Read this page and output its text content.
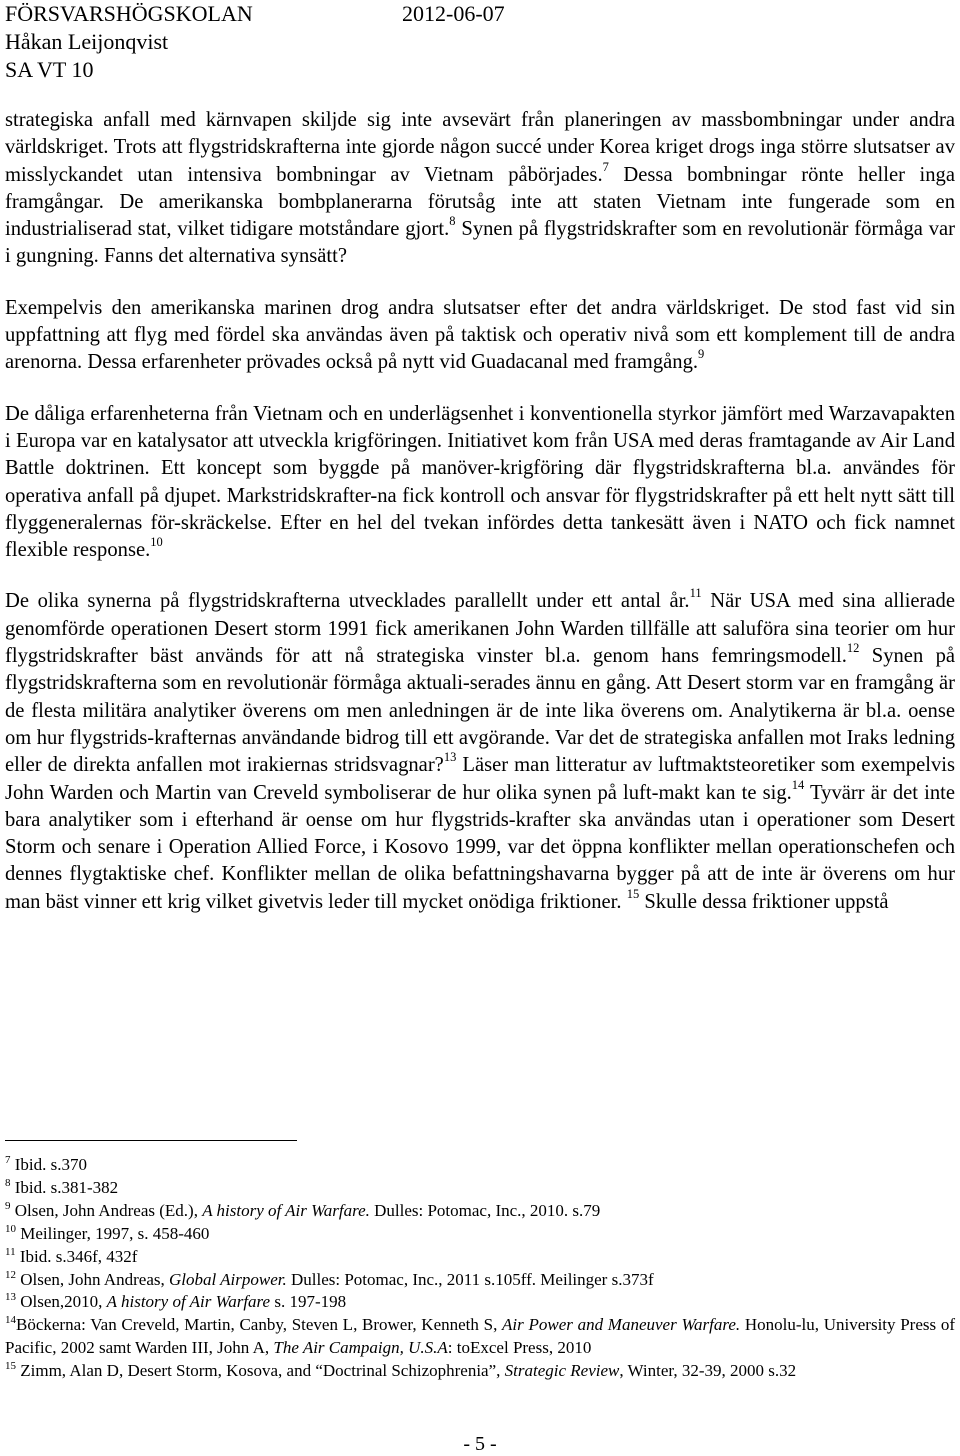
FÖRSVARSHÖGSKOLAN	2012-06-07
Håkan Leijonqvist
SA VT 10

strategiska anfall med kärnvapen skiljde sig inte avsevärt från planeringen av massbombningar under andra världskriget. Trots att flygstridskrafterna inte gjorde någon succé under Korea kriget drogs inga större slutsatser av misslyckandet utan intensiva bombningar av Vietnam påbörjades.$^7$ Dessa bombningar rönte heller inga framgångar. De amerikanska bombplanerarna förutsåg inte att staten Vietnam inte fungerade som en industrialiserad stat, vilket tidigare motståndare gjort.$^8$ Synen på flygstridskrafter som en revolutionär förmåga var i gungning. Fanns det alternativa synsätt?

Exempelvis den amerikanska marinen drog andra slutsatser efter det andra världskriget. De stod fast vid sin uppfattning att flyg med fördel ska användas även på taktisk och operativ nivå som ett komplement till de andra arenorna. Dessa erfarenheter prövades också på nytt vid Guadacanal med framgång.$^9$

De dåliga erfarenheterna från Vietnam och en underlägsenhet i konventionella styrkor jämfört med Warzavapakten i Europa var en katalysator att utveckla krigföringen. Initiativet kom från USA med deras framtagande av Air Land Battle doktrinen. Ett koncept som byggde på manöver-krigföring där flygstridskrafterna bl.a. användes för operativa anfall på djupet. Markstridskrafter-na fick kontroll och ansvar för flygstridskrafter på ett helt nytt sätt till flyggeneralernas för-skräckelse. Efter en hel del tvekan infördes detta tankesätt även i NATO och fick namnet flexible response.$^{10}$

De olika synerna på flygstridskrafterna utvecklades parallellt under ett antal år.$^{11}$ När USA med sina allierade genomförde operationen Desert storm 1991 fick amerikanen John Warden tillfälle att saluföra sina teorier om hur flygstridskrafter bäst används för att nå strategiska vinster bl.a. genom hans femringsmodell.$^{12}$ Synen på flygstridskrafterna som en revolutionär förmåga aktuali-serades ännu en gång. Att Desert storm var en framgång är de flesta militära analytiker överens om men anledningen är de inte lika överens om. Analytikerna är bl.a. oense om hur flygstrids-krafternas användande bidrog till ett avgörande. Var det de strategiska anfallen mot Iraks ledning eller de direkta anfallen mot irakiernas stridsvagnar?$^{13}$ Läser man litteratur av luftmaktsteoretiker som exempelvis John Warden och Martin van Creveld symboliserar de hur olika synen på luft-makt kan te sig.$^{14}$ Tyvärr är det inte bara analytiker som i efterhand är oense om hur flygstrids-krafter ska användas utan i operationer som Desert Storm och senare i Operation Allied Force, i Kosovo 1999, var det öppna konflikter mellan operationschefen och dennes flygtaktiske chef. Konflikter mellan de olika befattningshavarna bygger på att de inte är överens om hur man bäst vinner ett krig vilket givetvis leder till mycket onödiga friktioner. $^{15}$ Skulle dessa friktioner uppstå

$^7$ Ibid. s.370
$^8$ Ibid. s.381-382
$^9$ Olsen, John Andreas (Ed.), A history of Air Warfare. Dulles: Potomac, Inc., 2010. s.79
$^{10}$ Meilinger, 1997, s. 458-460
$^{11}$ Ibid. s.346f, 432f
$^{12}$ Olsen, John Andreas, Global Airpower. Dulles: Potomac, Inc., 2011 s.105ff. Meilinger s.373f
$^{13}$ Olsen,2010, A history of Air Warfare s. 197-198
$^{14}$Böckerna: Van Creveld, Martin, Canby, Steven L, Brower, Kenneth S, Air Power and Maneuver Warfare. Honolu-lu, University Press of Pacific, 2002 samt Warden III, John A, The Air Campaign, U.S.A: toExcel Press, 2010
$^{15}$ Zimm, Alan D, Desert Storm, Kosova, and “Doctrinal Schizophrenia”, Strategic Review, Winter, 32-39, 2000 s.32
- 5 -
